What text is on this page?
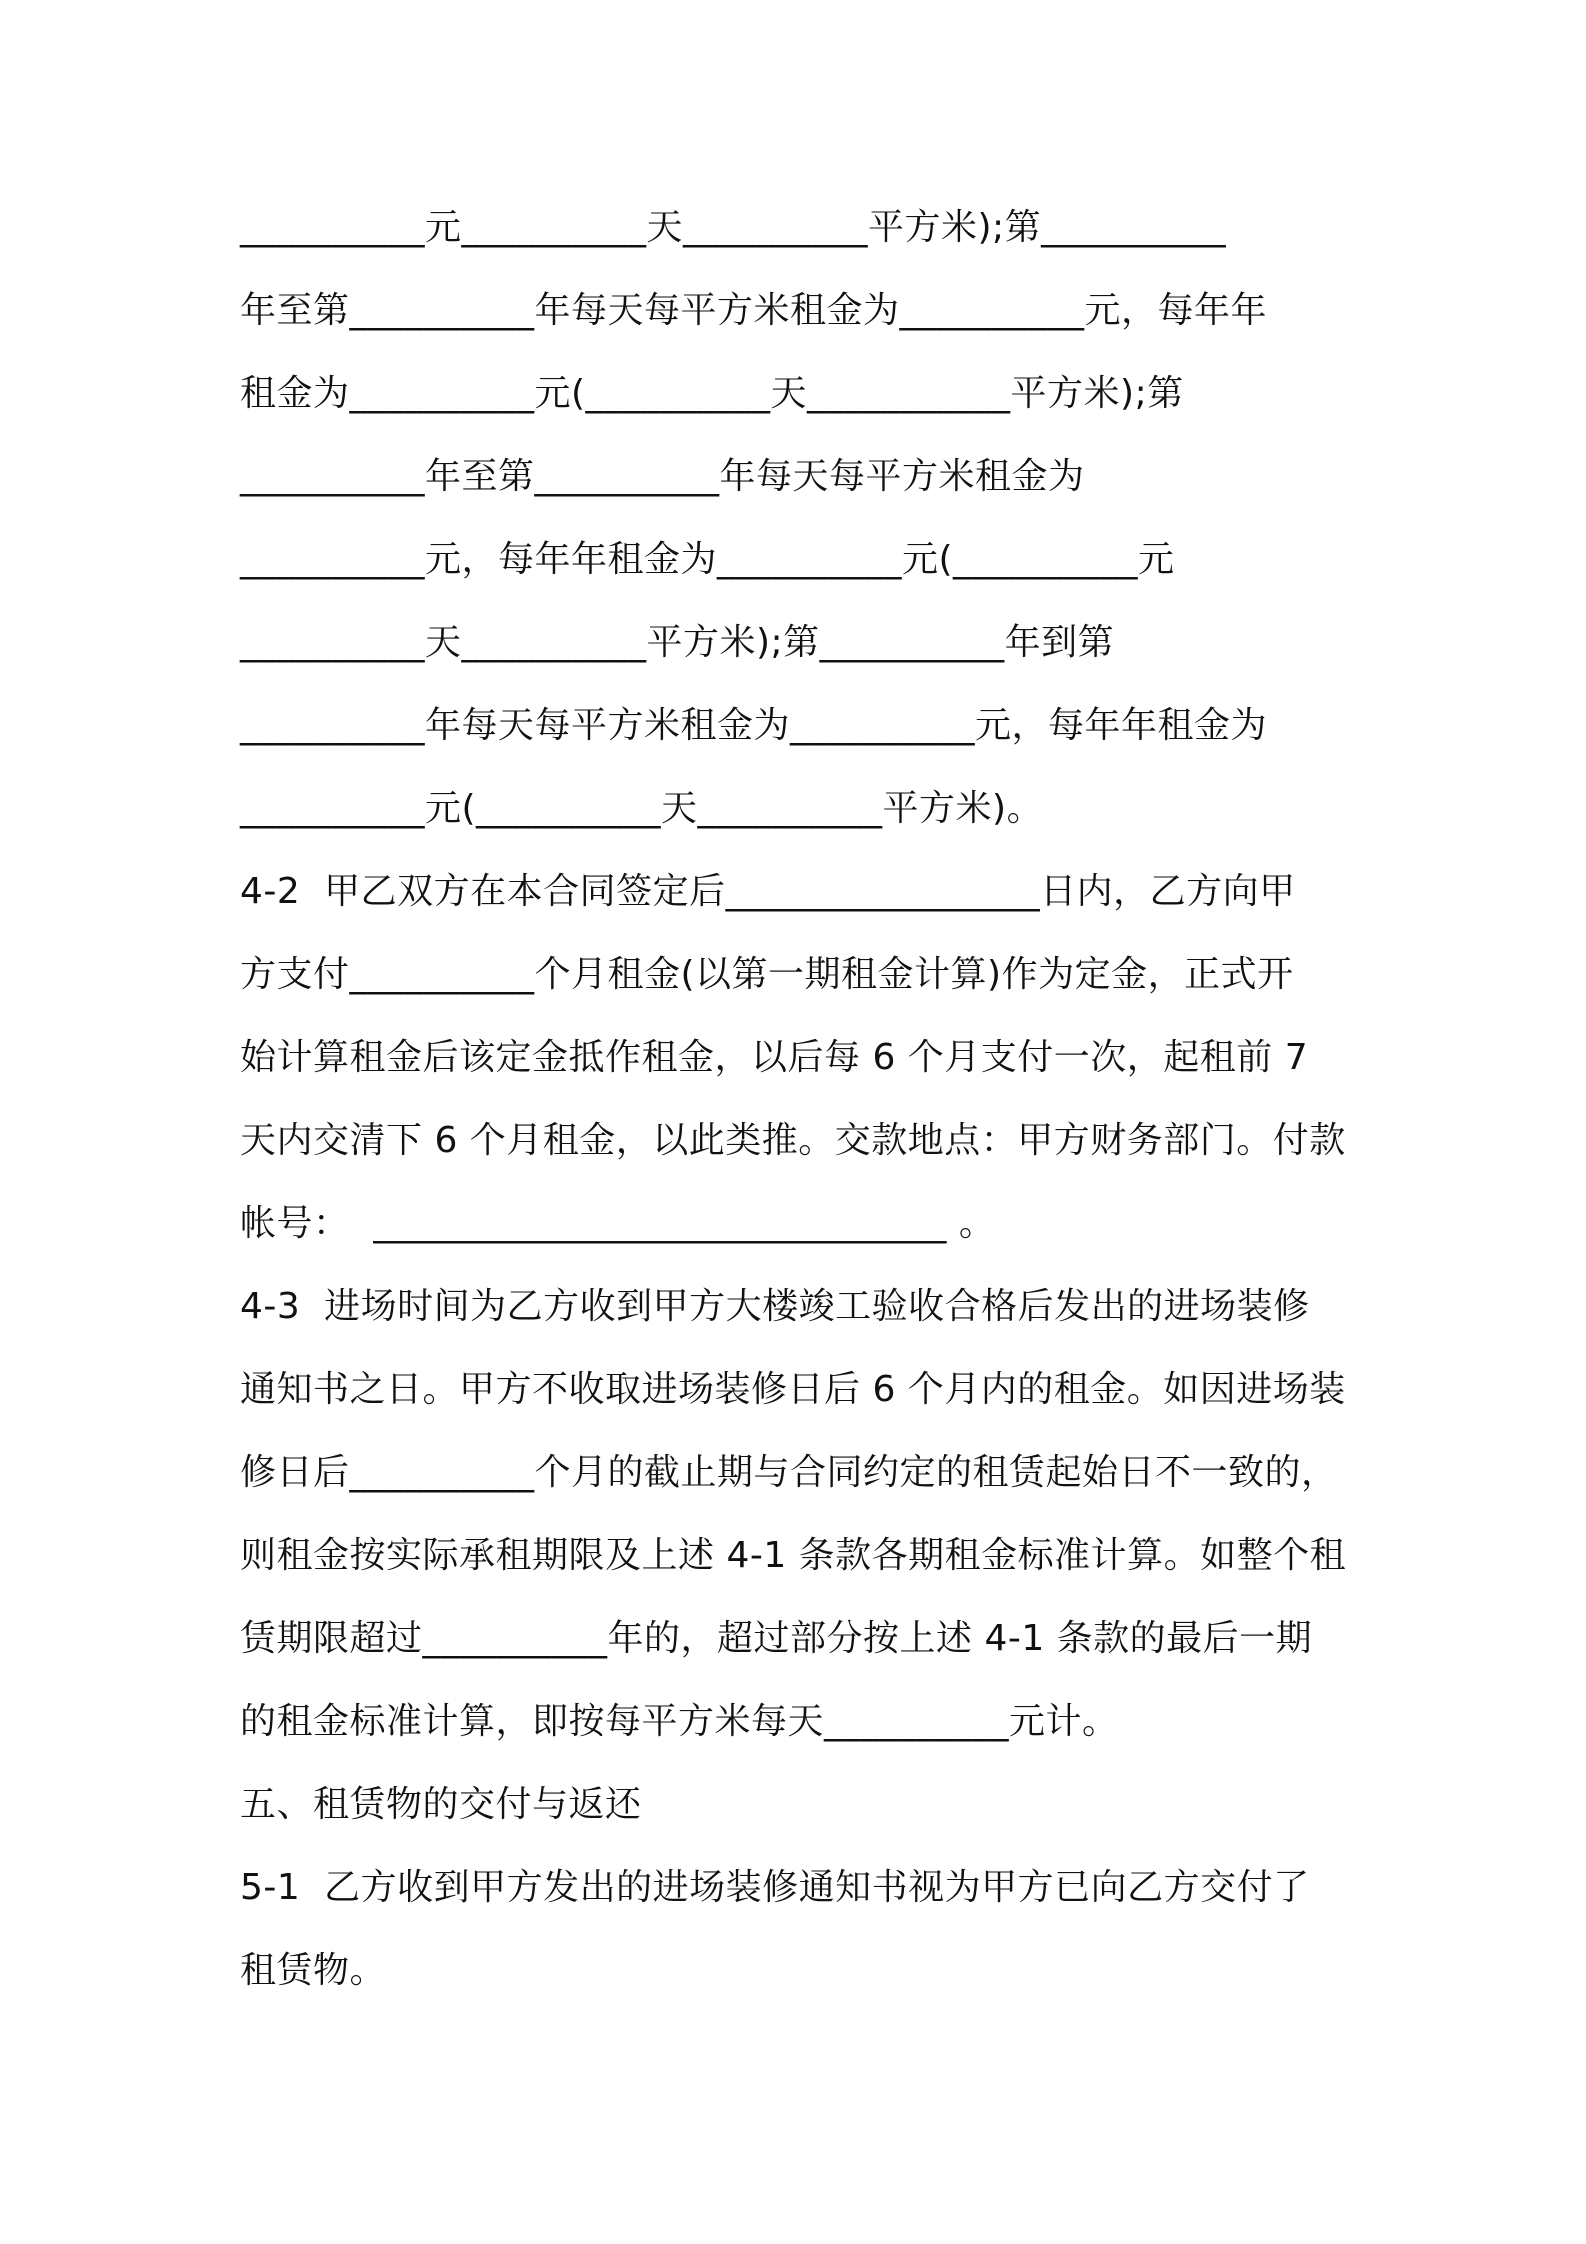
__________元__________天__________平方米);第__________
年至第__________年每天每平方米租金为__________元，每年年
租金为__________元(__________天___________平方米);第
__________年至第__________年每天每平方米租金为
__________元，每年年租金为__________元(__________元
__________天__________平方米);第__________年到第
__________年每天每平方米租金为__________元，每年年租金为
__________元(__________天__________平方米)。
4-2  甲乙双方在本合同签定后_________________日内，乙方向甲
方支付__________个月租金(以第一期租金计算)作为定金，正式开
始计算租金后该定金抵作租金，以后每 6 个月支付一次，起租前 7
天内交清下 6 个月租金，以此类推。交款地点：甲方财务部门。付款
帐号：  _______________________________ 。
4-3  进场时间为乙方收到甲方大楼竣工验收合格后发出的进场装修
通知书之日。甲方不收取进场装修日后 6 个月内的租金。如因进场装
修日后__________个月的截止期与合同约定的租赁起始日不一致的，
则租金按实际承租期限及上述 4-1 条款各期租金标准计算。如整个租
赁期限超过__________年的，超过部分按上述 4-1 条款的最后一期
的租金标准计算，即按每平方米每天__________元计。
五、租赁物的交付与返还
5-1  乙方收到甲方发出的进场装修通知书视为甲方已向乙方交付了
租赁物。
